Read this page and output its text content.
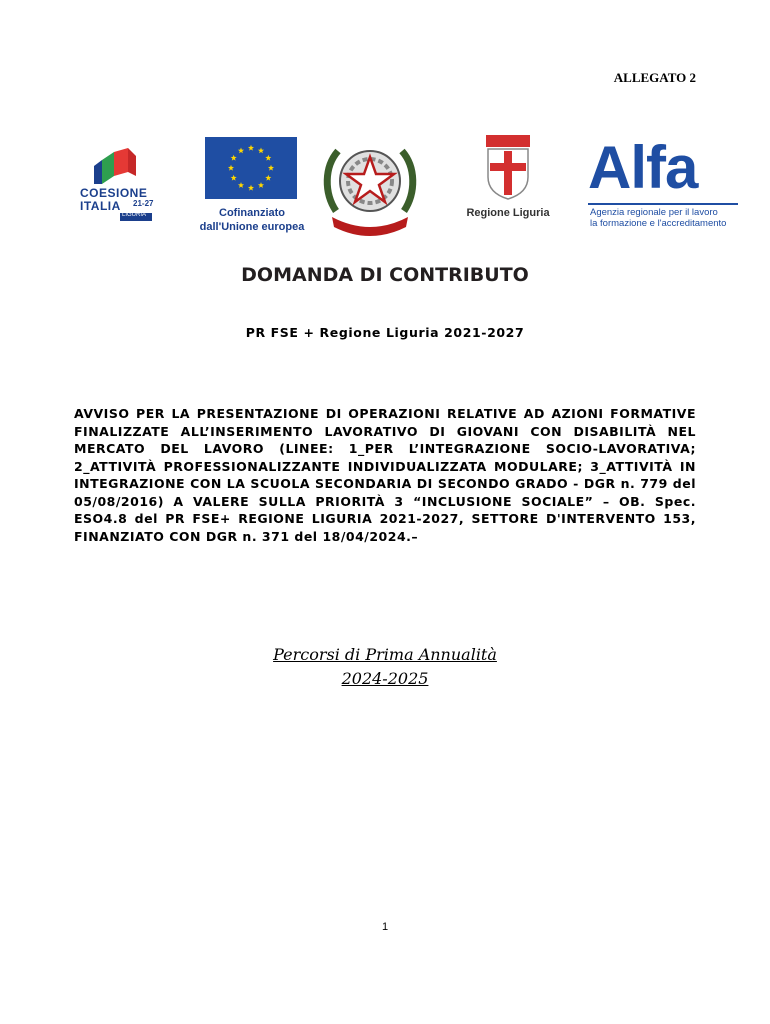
ALLEGATO 2
COESIONE
ITALIA 21-27
LIGURIA	Cofinanziato
dall'Unione europea
Regione Liguria
Alfa
Agenzia regionale per il lavoro
la formazione e l'accreditamento
DOMANDA DI CONTRIBUTO
PR FSE + Regione Liguria 2021-2027
AVVISO PER LA PRESENTAZIONE DI OPERAZIONI RELATIVE AD AZIONI FORMATIVE FINALIZZATE ALL’INSERIMENTO LAVORATIVO DI GIOVANI CON DISABILITÀ NEL MERCATO DEL LAVORO (LINEE: 1_PER L’INTEGRAZIONE SOCIO-LAVORATIVA; 2_ATTIVITÀ PROFESSIONALIZZANTE INDIVIDUALIZZATA MODULARE; 3_ATTIVITÀ IN INTEGRAZIONE CON LA SCUOLA SECONDARIA DI SECONDO GRADO - DGR n. 779 del 05/08/2016) A VALERE SULLA PRIORITÀ 3 “INCLUSIONE SOCIALE” – OB. Spec. ESO4.8 del PR FSE+ REGIONE LIGURIA 2021-2027, SETTORE D'INTERVENTO 153, FINANZIATO CON DGR n. 371 del 18/04/2024.–
Percorsi di Prima Annualità
2024-2025
1
